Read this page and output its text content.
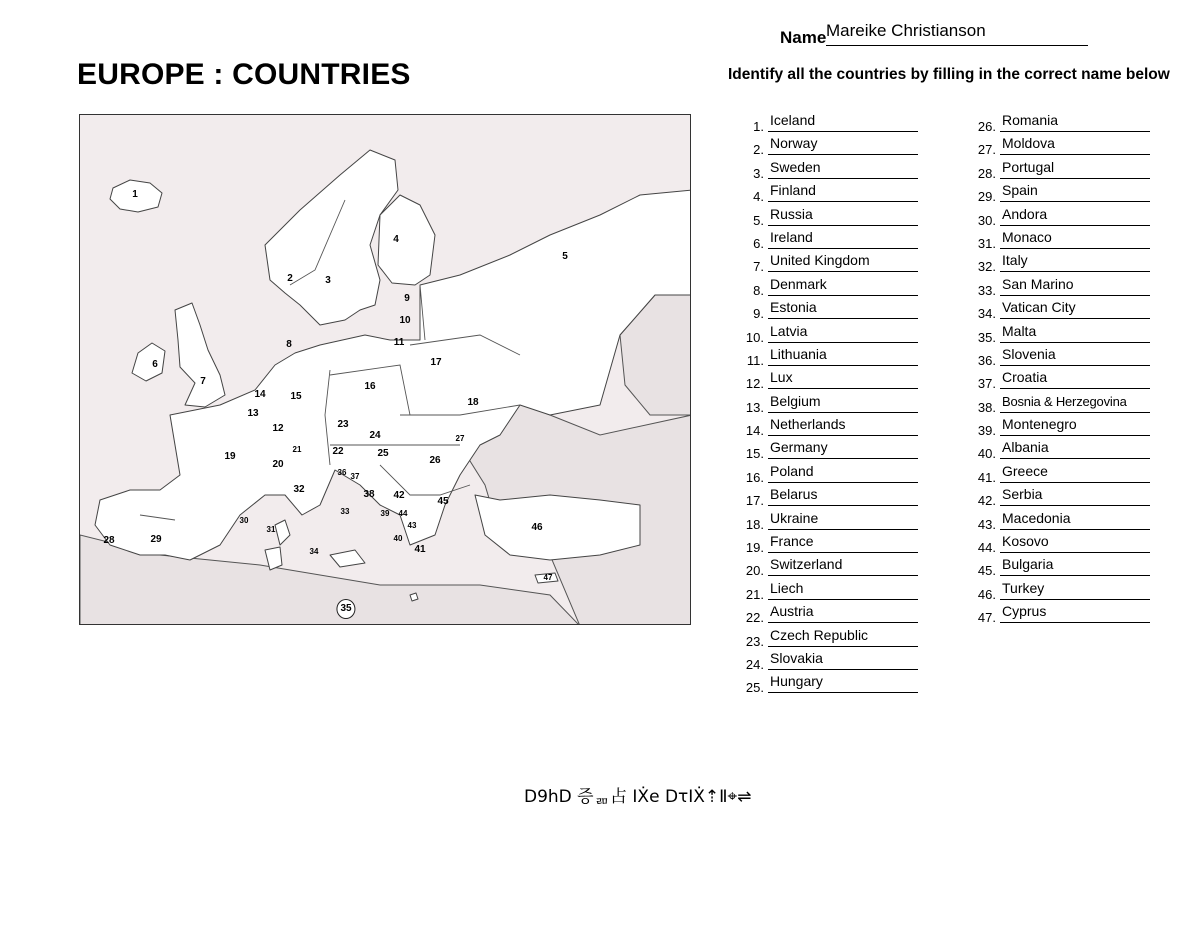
Name Mareike Christianson
EUROPE : COUNTRIES	Identify all the countries by filling in the correct name below
1
2	3
4
5
6
7
8
9
10
11
12
13
14 15
16
17
18
19
20
21	22
23
24
25
26
27
28	29
30
31
32
33
34
35
36 37
38
39
40
41
42
43
44
45
46
47
1. Iceland
2. Norway
3. Sweden
4. Finland
5. Russia
6. Ireland
7. United Kingdom
8. Denmark
9. Estonia
10. Latvia
11. Lithuania
12. Lux
13. Belgium
14. Netherlands
15. Germany
16. Poland
17. Belarus
18. Ukraine
19. France
20. Switzerland
21. Liech
22. Austria
23. Czech Republic
24. Slovakia
25. Hungary
26. Romania
27. Moldova
28. Portugal
29. Spain
30. Andora
31. Monaco
32. Italy
33. San Marino
34. Vatican City
35. Malta
36. Slovenia
37. Croatia
38. Bosnia & Herzegovina
39. Montenegro
40. Albania
41. Greece
42. Serbia
43. Macedonia
44. Kosovo
45. Bulgaria
46. Turkey
47. Cyprus
D9hD 증ᆱ占 IẊe DτIẊ⇡Ⅱ⌖⇌
